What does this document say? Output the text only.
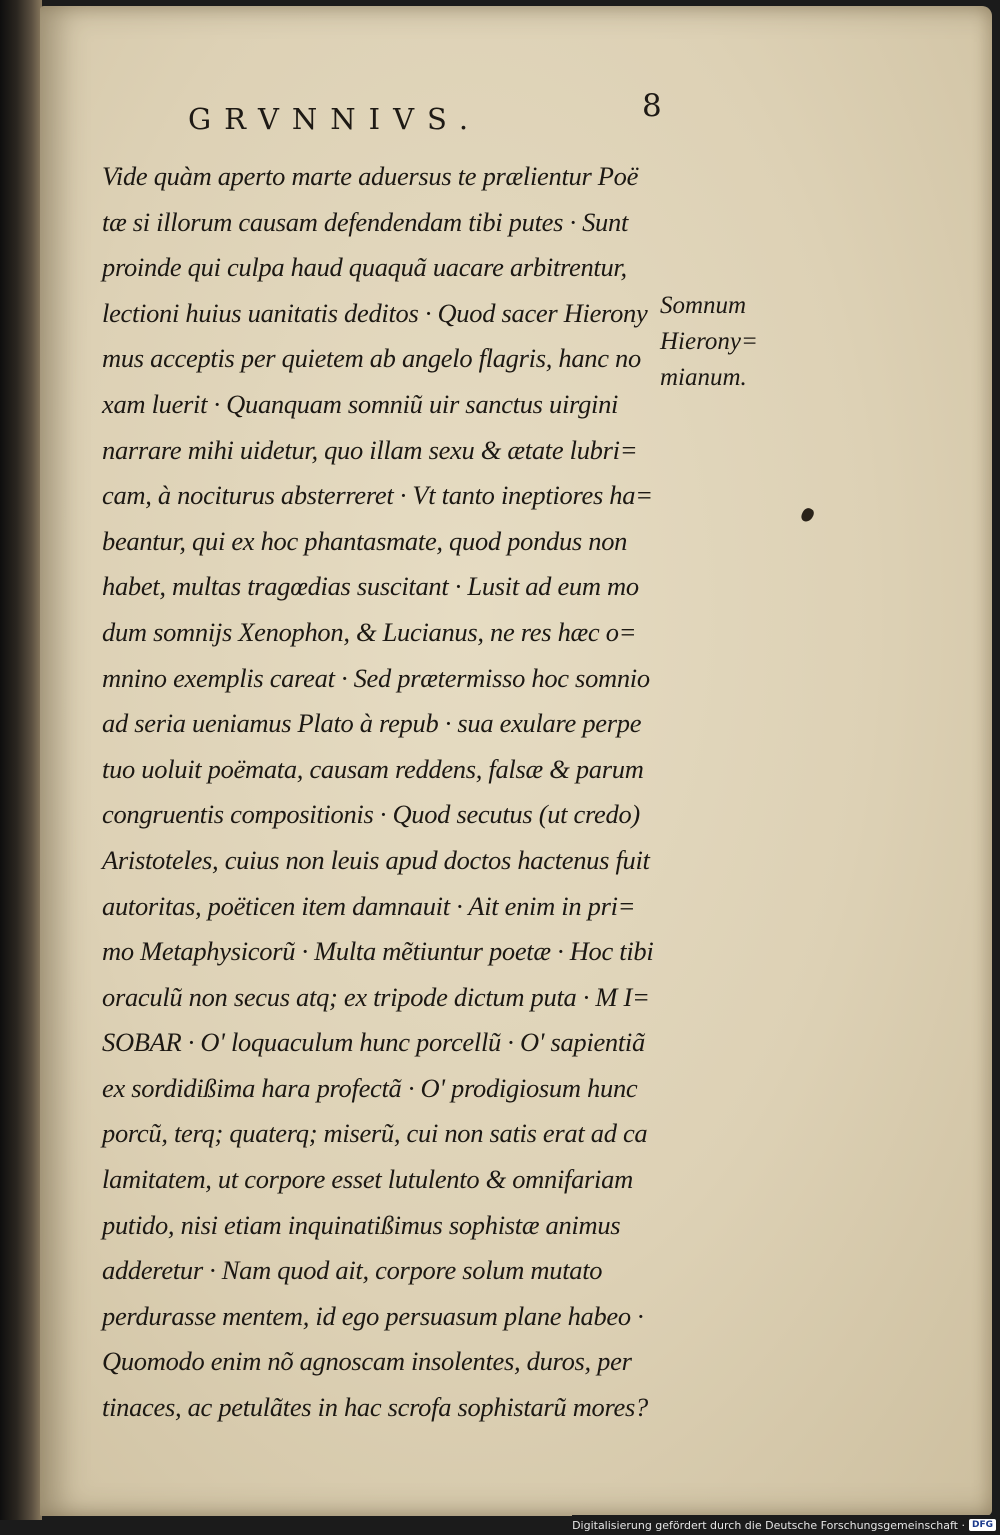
GRVNNIVS.	8
Vide quàm aperto marte aduersus te prælientur Poë
tæ si illorum causam defendendam tibi putes · Sunt
proinde qui culpa haud quaquã uacare arbitrentur,
lectioni huius uanitatis deditos · Quod sacer Hierony
mus acceptis per quietem ab angelo flagris, hanc no
xam luerit · Quanquam somniũ uir sanctus uirgini
narrare mihi uidetur, quo illam sexu & ætate lubri=
cam, à nociturus absterreret · Vt tanto ineptiores ha=
beantur, qui ex hoc phantasmate, quod pondus non
habet, multas tragœdias suscitant · Lusit ad eum mo
dum somnijs Xenophon, & Lucianus, ne res hæc o=
mnino exemplis careat · Sed prætermisso hoc somnio
ad seria ueniamus Plato à repub · sua exulare perpe
tuo uoluit poëmata, causam reddens, falsæ & parum
congruentis compositionis · Quod secutus (ut credo)
Aristoteles, cuius non leuis apud doctos hactenus fuit
autoritas, poëticen item damnauit · Ait enim in pri=
mo Metaphysicorũ · Multa mẽtiuntur poetæ · Hoc tibi
oraculũ non secus atq; ex tripode dictum puta · M I=
SOBAR · O' loquaculum hunc porcellũ · O' sapientiã
ex sordidißima hara profectã · O' prodigiosum hunc
porcũ, terq; quaterq; miserũ, cui non satis erat ad ca
lamitatem, ut corpore esset lutulento & omnifariam
putido, nisi etiam inquinatißimus sophistæ animus
adderetur · Nam quod ait, corpore solum mutato
perdurasse mentem, id ego persuasum plane habeo ·
Quomodo enim nõ agnoscam insolentes, duros, per
tinaces, ac petulãtes in hac scrofa sophistarũ mores?
Somnum
Hierony=
mianum.
Digitalisierung gefördert durch die Deutsche Forschungsgemeinschaft · DFG
